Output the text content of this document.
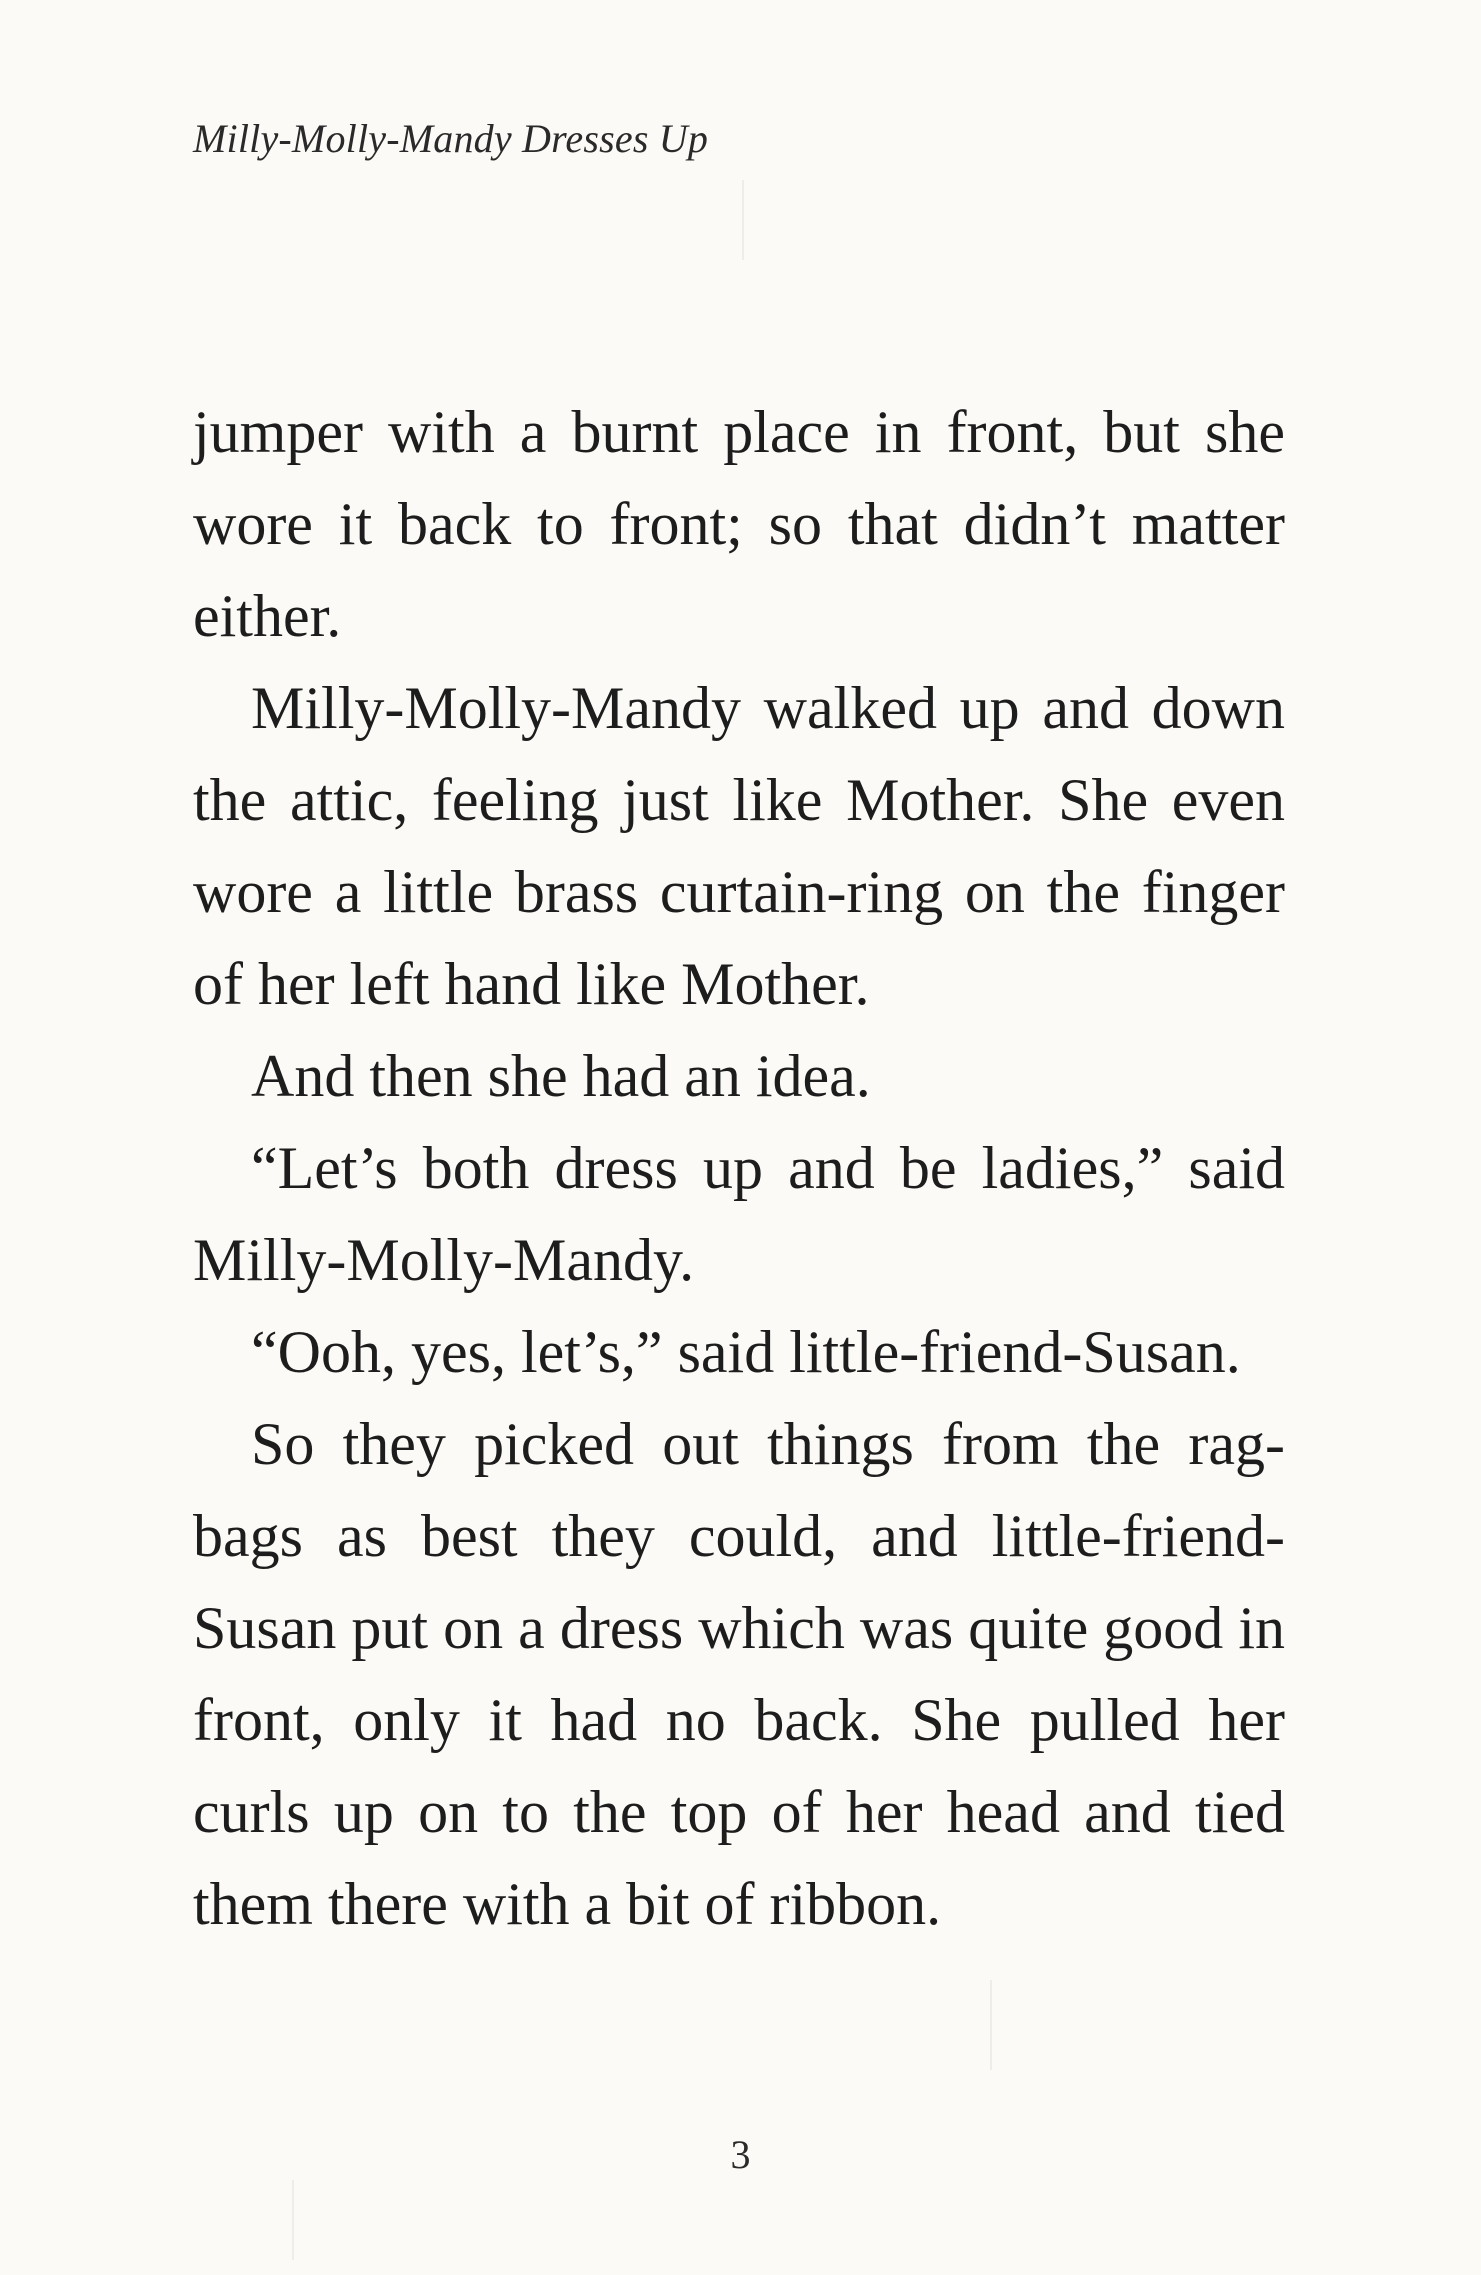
Milly-Molly-Mandy Dresses Up

jumper with a burnt place in front, but she wore it back to front; so that didn’t matter either.

Milly-Molly-Mandy walked up and down the attic, feeling just like Mother. She even wore a little brass curtain-ring on the finger of her left hand like Mother.

And then she had an idea.

“Let’s both dress up and be ladies,” said Milly-Molly-Mandy.

“Ooh, yes, let’s,” said little-friend-Susan.

So they picked out things from the rag-bags as best they could, and little-friend-Susan put on a dress which was quite good in front, only it had no back. She pulled her curls up on to the top of her head and tied them there with a bit of ribbon.

3
